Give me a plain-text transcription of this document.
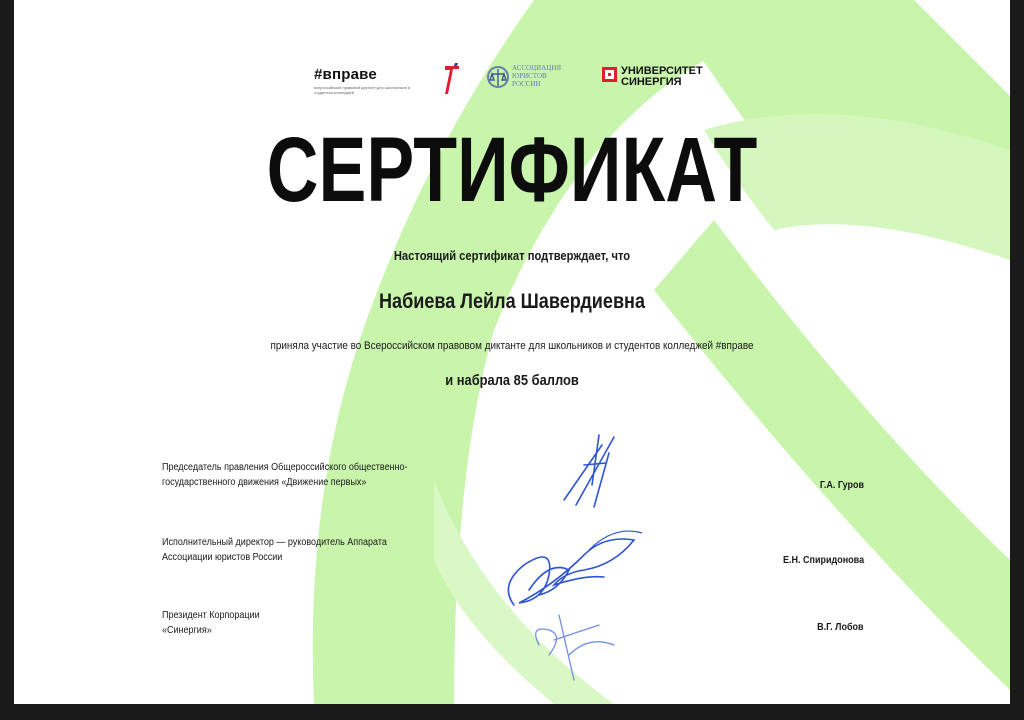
#вправе
всероссийский правовой диктант для школьников и студентов колледжей
АССОЦИАЦИЯ ЮРИСТОВ РОССИИ
УНИВЕРСИТЕТ
СИНЕРГИЯ
СЕРТИФИКАТ
Настоящий сертификат подтверждает, что
Набиева Лейла Шавердиевна
приняла участие во Всероссийском правовом диктанте для школьников и студентов колледжей #вправе
и набрала 85 баллов
Председатель правления Общероссийского общественно-
государственного движения «Движение первых»	Г.А. Гуров
Исполнительный директор — руководитель Аппарата
Ассоциации юристов России	Е.Н. Спиридонова
Президент Корпорации
«Синергия»	В.Г. Лобов
